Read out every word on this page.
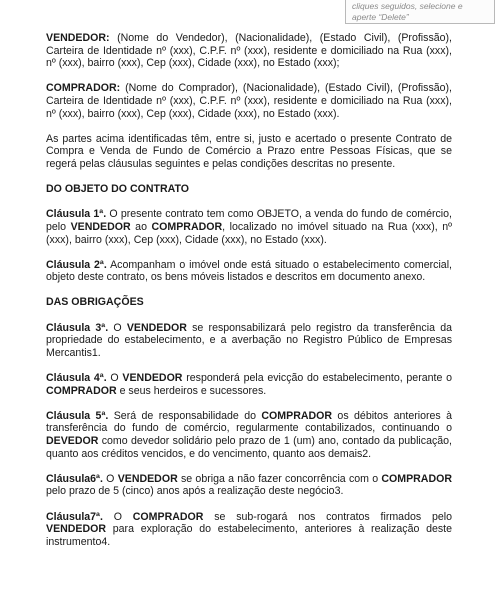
cliques seguidos, selecione e
aperte “Delete”

VENDEDOR: (Nome do Vendedor), (Nacionalidade), (Estado Civil), (Profissão), Carteira de Identidade nº (xxx), C.P.F. nº (xxx), residente e domiciliado na Rua (xxx), nº (xxx), bairro (xxx), Cep (xxx), Cidade (xxx), no Estado (xxx);

COMPRADOR: (Nome do Comprador), (Nacionalidade), (Estado Civil), (Profissão), Carteira de Identidade nº (xxx), C.P.F. nº (xxx), residente e domiciliado na Rua (xxx), nº (xxx), bairro (xxx), Cep (xxx), Cidade (xxx), no Estado (xxx).

As partes acima identificadas têm, entre si, justo e acertado o presente Contrato de Compra e Venda de Fundo de Comércio a Prazo entre Pessoas Físicas, que se regerá pelas cláusulas seguintes e pelas condições descritas no presente.

DO OBJETO DO CONTRATO

Cláusula 1ª. O presente contrato tem como OBJETO, a venda do fundo de comércio, pelo VENDEDOR ao COMPRADOR, localizado no imóvel situado na Rua (xxx), nº (xxx), bairro (xxx), Cep (xxx), Cidade (xxx), no Estado (xxx).

Cláusula 2ª. Acompanham o imóvel onde está situado o estabelecimento comercial, objeto deste contrato, os bens móveis listados e descritos em documento anexo.

DAS OBRIGAÇÕES

Cláusula 3ª. O VENDEDOR se responsabilizará pelo registro da transferência da propriedade do estabelecimento, e a averbação no Registro Público de Empresas Mercantis1.

Cláusula 4ª. O VENDEDOR responderá pela evicção do estabelecimento, perante o COMPRADOR e seus herdeiros e sucessores.

Cláusula 5ª. Será de responsabilidade do COMPRADOR os débitos anteriores à transferência do fundo de comércio, regularmente contabilizados, continuando o DEVEDOR como devedor solidário pelo prazo de 1 (um) ano, contado da publicação, quanto aos créditos vencidos, e do vencimento, quanto aos demais2.

Cláusula6ª. O VENDEDOR se obriga a não fazer concorrência com o COMPRADOR pelo prazo de 5 (cinco) anos após a realização deste negócio3.

Cláusula7ª. O COMPRADOR se sub-rogará nos contratos firmados pelo VENDEDOR para exploração do estabelecimento, anteriores à realização deste instrumento4.
